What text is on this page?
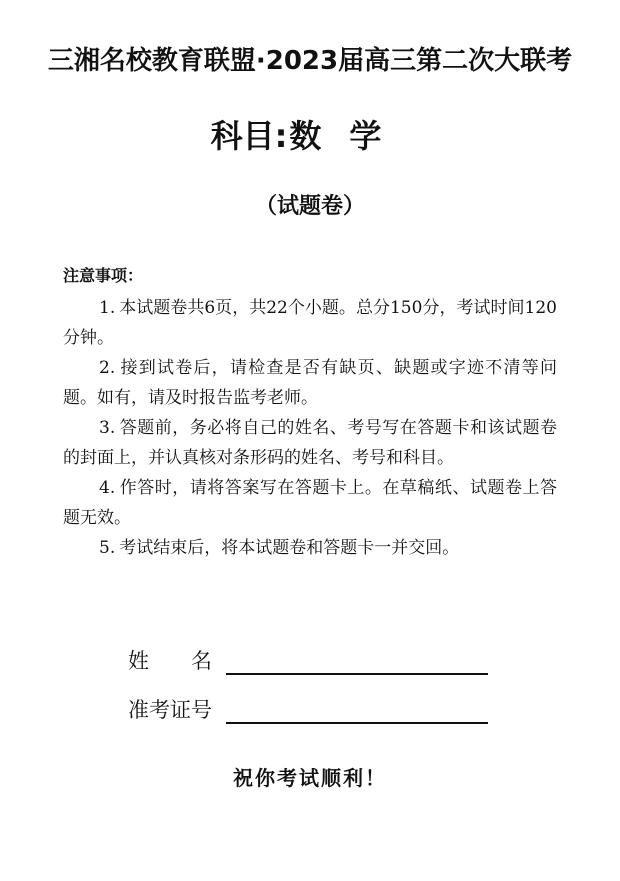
三湘名校教育联盟·2023届高三第二次大联考
科目:数学
（试题卷）
注意事项：

1. 本试题卷共6页，共22个小题。总分150分，考试时间120分钟。

2. 接到试卷后，请检查是否有缺页、缺题或字迹不清等问题。如有，请及时报告监考老师。

3. 答题前，务必将自己的姓名、考号写在答题卡和该试题卷的封面上，并认真核对条形码的姓名、考号和科目。

4. 作答时，请将答案写在答题卡上。在草稿纸、试题卷上答题无效。

5. 考试结束后，将本试题卷和答题卡一并交回。

姓　　名
准考证号
祝你考试顺利！
